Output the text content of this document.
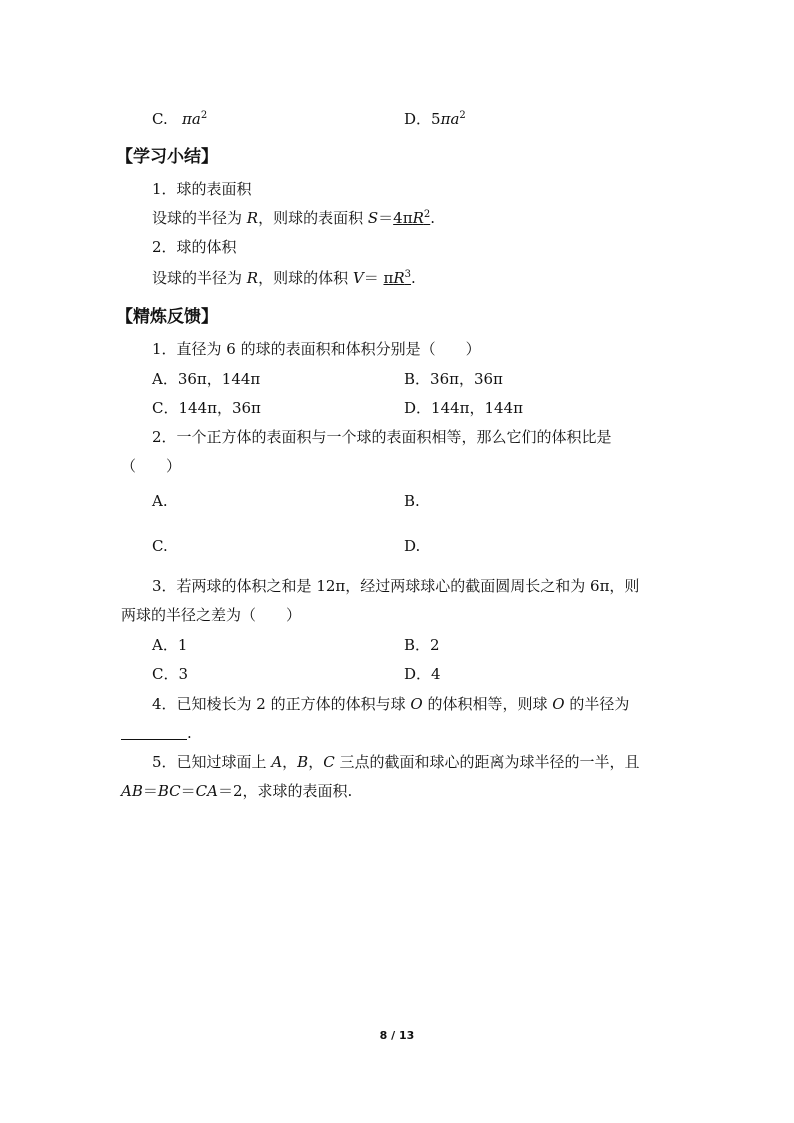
C. $\pi a^2$	D．$5\pi a^2$
【学习小结】
1．球的表面积
设球的半径为 R，则球的表面积 $S=4\pi R^2$.
2．球的体积
设球的半径为 R，则球的体积 $V= \pi R^3$.
【精炼反馈】
1．直径为 6 的球的表面积和体积分别是（　　）
A．36π，144π	B．36π，36π
C．144π，36π	D．144π，144π
2．一个正方体的表面积与一个球的表面积相等，那么它们的体积比是
（　　）
A.	B.
C.	D.
3．若两球的体积之和是 12π，经过两球球心的截面圆周长之和为 6π，则
两球的半径之差为（　　）
A．1	B．2
C．3	D．4
4．已知棱长为 2 的正方体的体积与球 O 的体积相等，则球 O 的半径为
.
5．已知过球面上 A，B，C 三点的截面和球心的距离为球半径的一半，且
AB＝BC＝CA＝2，求球的表面积.
8 / 13
